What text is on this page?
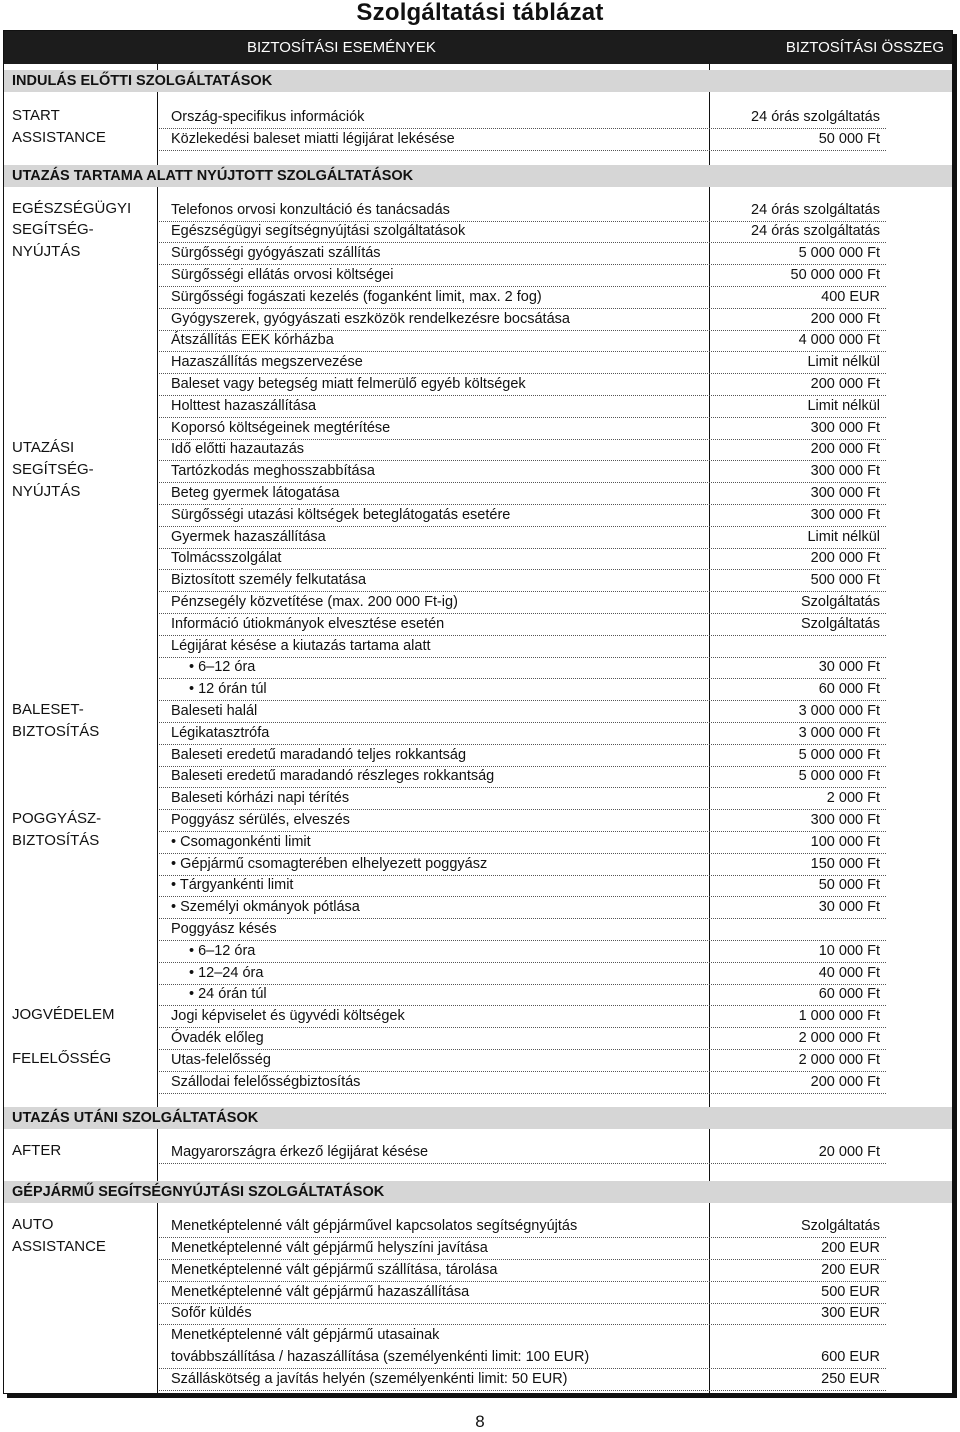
Szolgáltatási táblázat
BIZTOSÍTÁSI ESEMÉNYEK	BIZTOSÍTÁSI ÖSSZEG
INDULÁS ELŐTTI SZOLGÁLTATÁSOK
START
ASSISTANCE
Ország-specifikus információk	24 órás szolgáltatás
Közlekedési baleset miatti légijárat lekésése	50 000 Ft
UTAZÁS TARTAMA ALATT NYÚJTOTT SZOLGÁLTATÁSOK
EGÉSZSÉGÜGYI
SEGÍTSÉG-
NYÚJTÁS
Telefonos orvosi konzultáció és tanácsadás	24 órás szolgáltatás
Egészségügyi segítségnyújtási szolgáltatások	24 órás szolgáltatás
Sürgősségi gyógyászati szállítás	5 000 000 Ft
Sürgősségi ellátás orvosi költségei	50 000 000 Ft
Sürgősségi fogászati kezelés (foganként limit, max. 2 fog)	400 EUR
Gyógyszerek, gyógyászati eszközök rendelkezésre bocsátása	200 000 Ft
Átszállítás EEK kórházba	4 000 000 Ft
Hazaszállítás megszervezése	Limit nélkül
Baleset vagy betegség miatt felmerülő egyéb költségek	200 000 Ft
Holttest hazaszállítása	Limit nélkül
Koporsó költségeinek megtérítése	300 000 Ft
UTAZÁSI
SEGÍTSÉG-
NYÚJTÁS
Idő előtti hazautazás	200 000 Ft
Tartózkodás meghosszabbítása	300 000 Ft
Beteg gyermek látogatása	300 000 Ft
Sürgősségi utazási költségek beteglátogatás esetére	300 000 Ft
Gyermek hazaszállítása	Limit nélkül
Tolmácsszolgálat	200 000 Ft
Biztosított személy felkutatása	500 000 Ft
Pénzsegély közvetítése (max. 200 000 Ft-ig)	Szolgáltatás
Információ útiokmányok elvesztése esetén	Szolgáltatás
Légijárat késése a kiutazás tartama alatt
• 6–12 óra	30 000 Ft
• 12 órán túl	60 000 Ft
BALESET-
BIZTOSÍTÁS
Baleseti halál	3 000 000 Ft
Légikatasztrófa	3 000 000 Ft
Baleseti eredetű maradandó teljes rokkantság	5 000 000 Ft
Baleseti eredetű maradandó részleges rokkantság	5 000 000 Ft
Baleseti kórházi napi térítés	2 000 Ft
POGGYÁSZ-
BIZTOSÍTÁS
Poggyász sérülés, elveszés	300 000 Ft
• Csomagonkénti limit	100 000 Ft
• Gépjármű csomagterében elhelyezett poggyász	150 000 Ft
• Tárgyankénti limit	50 000 Ft
• Személyi okmányok pótlása	30 000 Ft
Poggyász késés
• 6–12 óra	10 000 Ft
• 12–24 óra	40 000 Ft
• 24 órán túl	60 000 Ft
JOGVÉDELEM	Jogi képviselet és ügyvédi költségek	1 000 000 Ft
Óvadék előleg	2 000 000 Ft
FELELŐSSÉG	Utas-felelősség	2 000 000 Ft
Szállodai felelősségbiztosítás	200 000 Ft
UTAZÁS UTÁNI SZOLGÁLTATÁSOK
AFTER	Magyarországra érkező légijárat késése	20 000 Ft
GÉPJÁRMŰ SEGÍTSÉGNYÚJTÁSI SZOLGÁLTATÁSOK
AUTO
ASSISTANCE
Menetképtelenné vált gépjárművel kapcsolatos segítségnyújtás	Szolgáltatás
Menetképtelenné vált gépjármű helyszíni javítása	200 EUR
Menetképtelenné vált gépjármű szállítása, tárolása	200 EUR
Menetképtelenné vált gépjármű hazaszállítása	500 EUR
Sofőr küldés	300 EUR
Menetképtelenné vált gépjármű utasainak
továbbszállítása / hazaszállítása (személyenkénti limit: 100 EUR)	600 EUR
Szálláskötség a javítás helyén (személyenkénti limit: 50 EUR)	250 EUR
8
